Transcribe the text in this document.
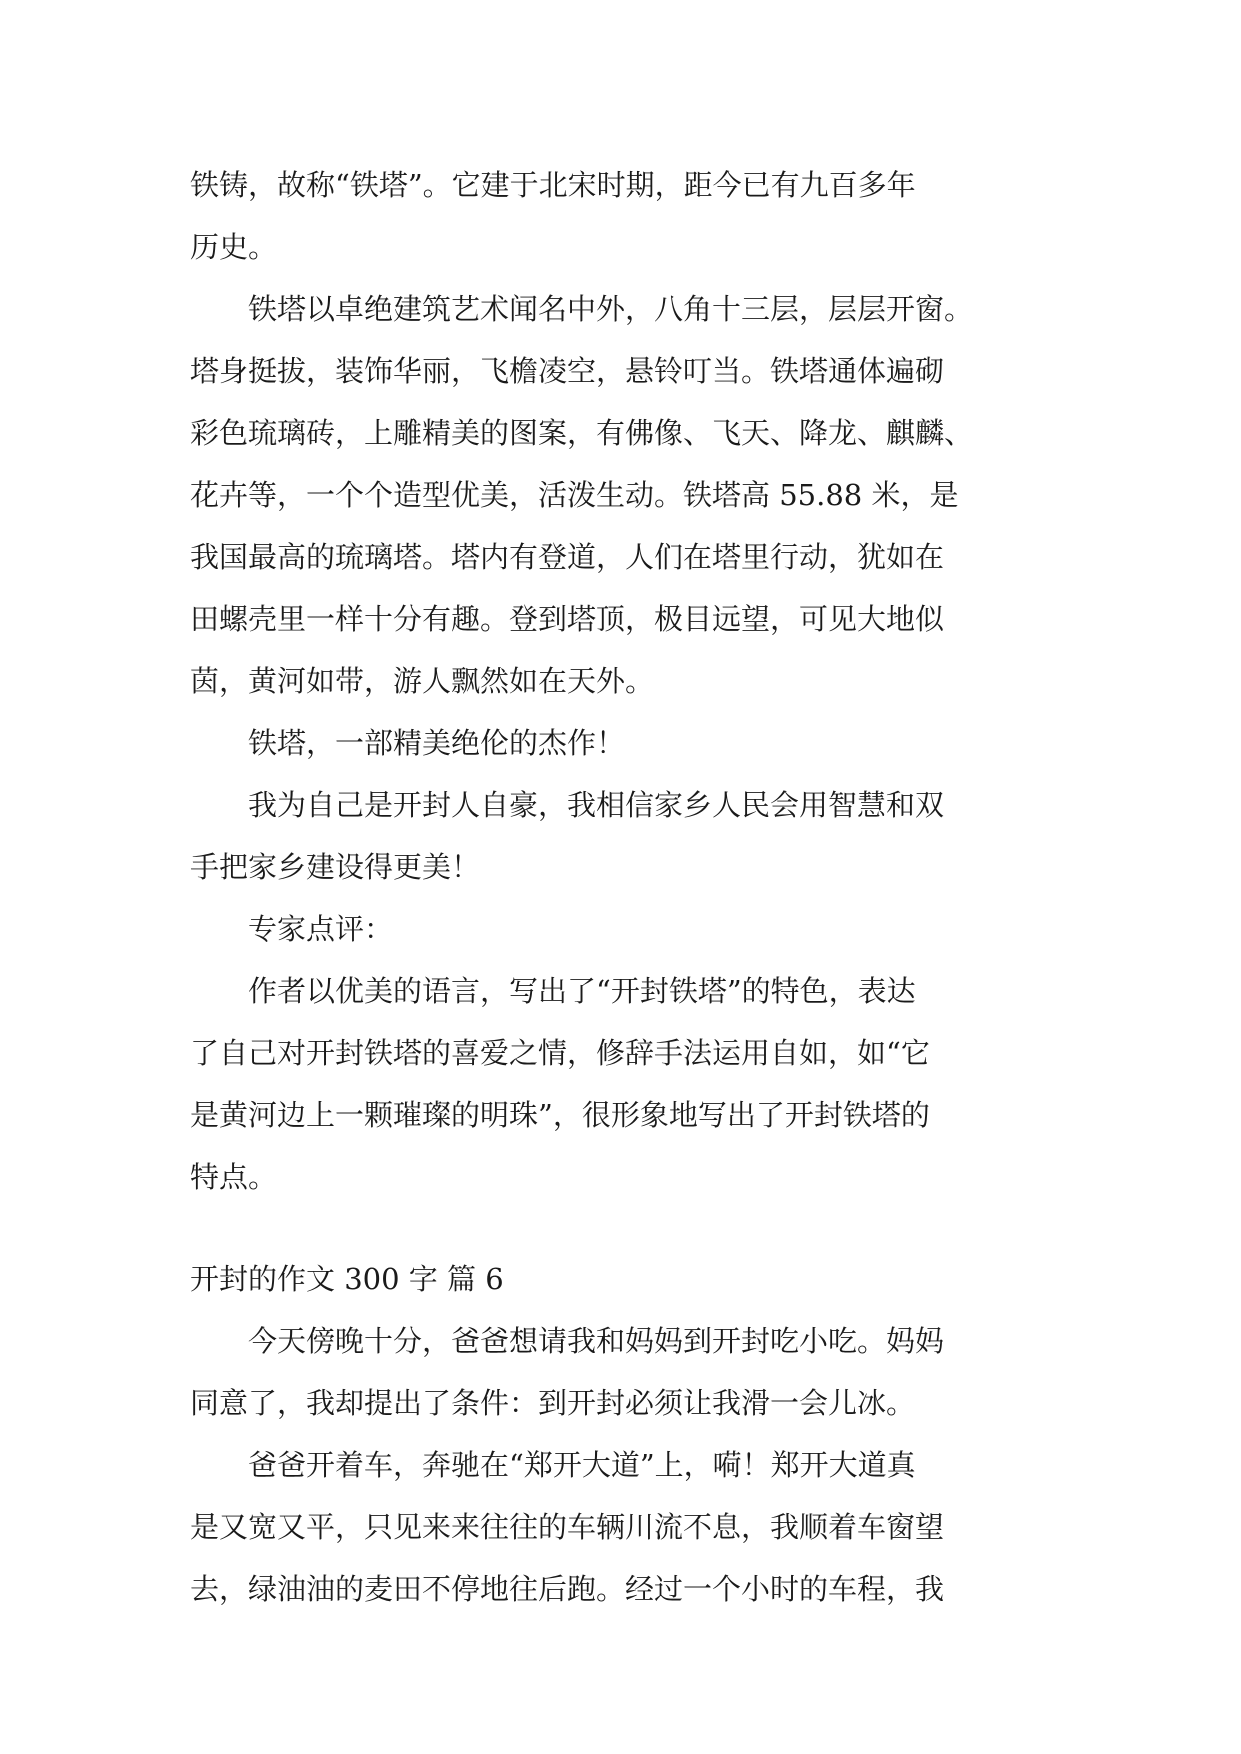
铁铸，故称“铁塔”。它建于北宋时期，距今已有九百多年

历史。

　　铁塔以卓绝建筑艺术闻名中外，八角十三层，层层开窗。

塔身挺拔，装饰华丽，飞檐凌空，悬铃叮当。铁塔通体遍砌

彩色琉璃砖，上雕精美的图案，有佛像、飞天、降龙、麒麟、

花卉等，一个个造型优美，活泼生动。铁塔高 55.88 米，是

我国最高的琉璃塔。塔内有登道，人们在塔里行动，犹如在

田螺壳里一样十分有趣。登到塔顶，极目远望，可见大地似

茵，黄河如带，游人飘然如在天外。

　　铁塔，一部精美绝伦的杰作！

　　我为自己是开封人自豪，我相信家乡人民会用智慧和双

手把家乡建设得更美！

　　专家点评：

　　作者以优美的语言，写出了“开封铁塔”的特色，表达

了自己对开封铁塔的喜爱之情，修辞手法运用自如，如“它

是黄河边上一颗璀璨的明珠”，很形象地写出了开封铁塔的

特点。

开封的作文 300 字 篇 6

　　今天傍晚十分，爸爸想请我和妈妈到开封吃小吃。妈妈

同意了，我却提出了条件：到开封必须让我滑一会儿冰。

　　爸爸开着车，奔驰在“郑开大道”上，嗬！郑开大道真

是又宽又平，只见来来往往的车辆川流不息，我顺着车窗望

去，绿油油的麦田不停地往后跑。经过一个小时的车程，我
